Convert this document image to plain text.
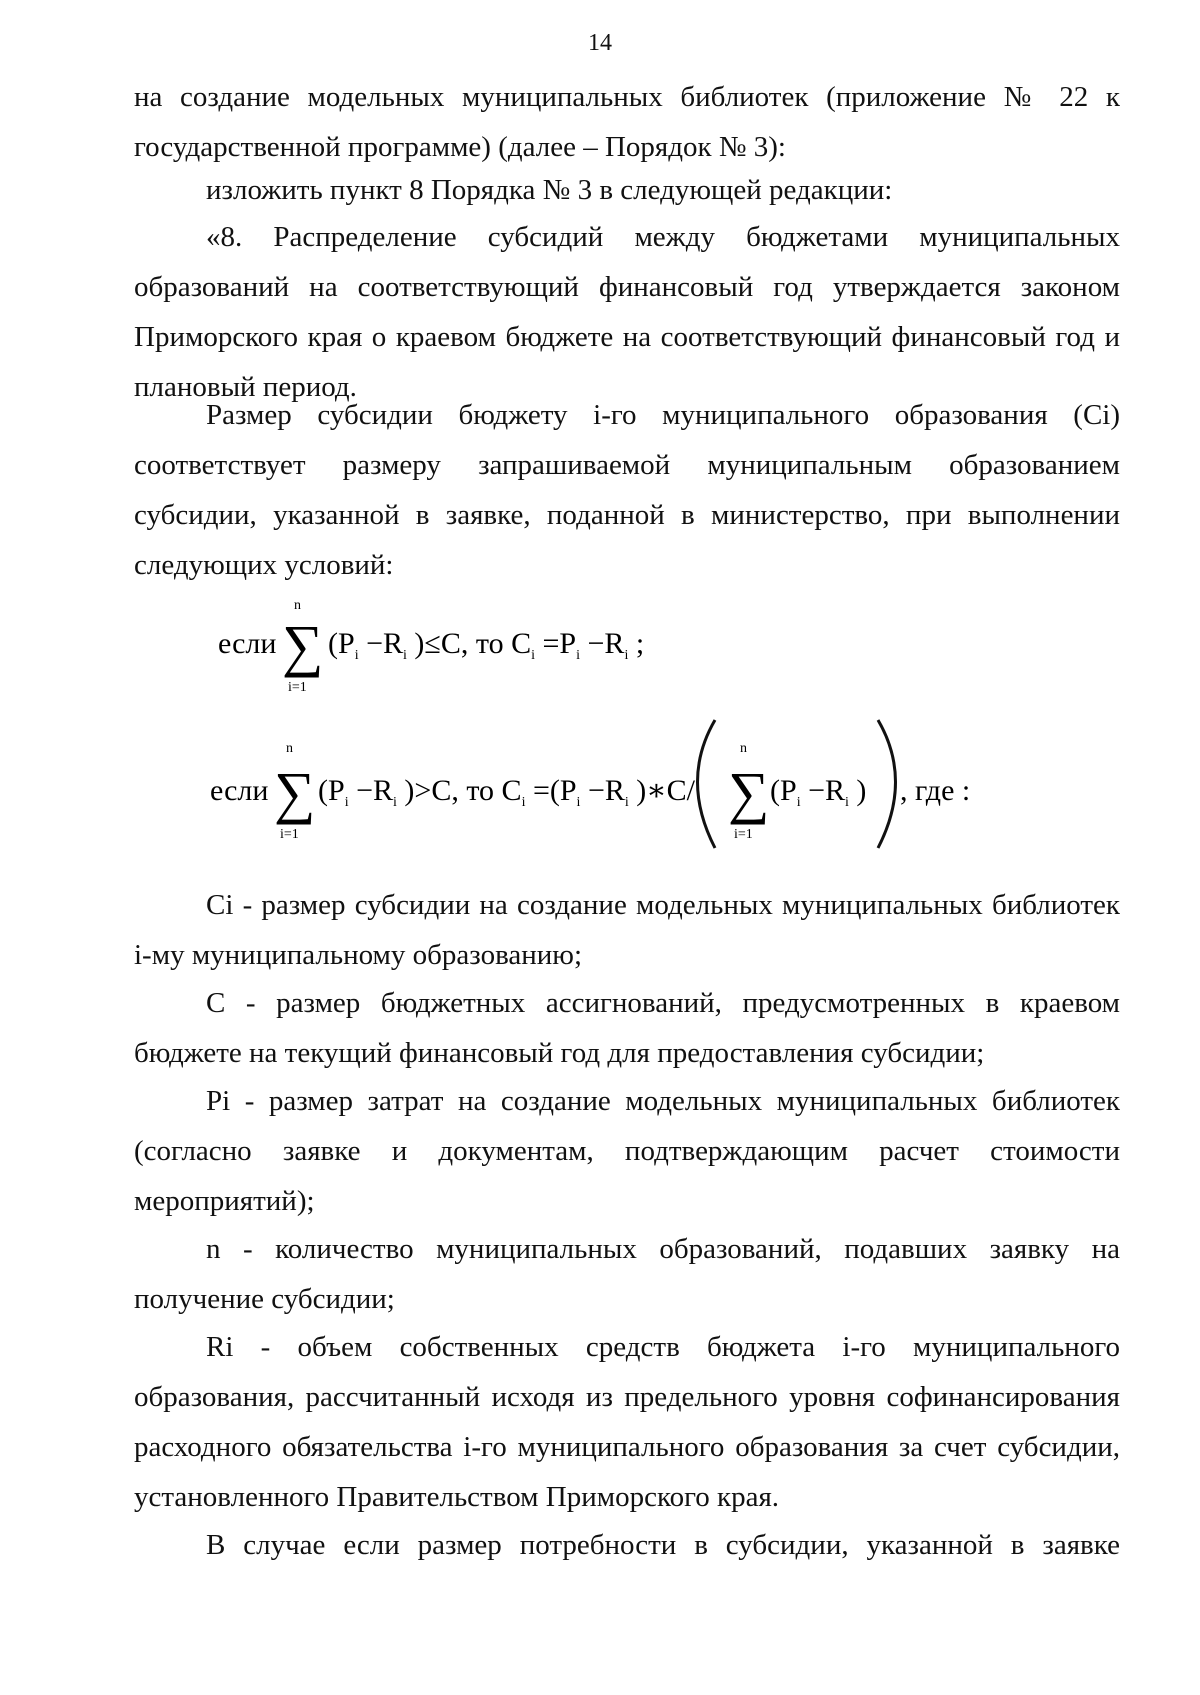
14

на создание модельных муниципальных библиотек (приложение № 22 к государственной программе) (далее – Порядок № 3):

изложить пункт 8 Порядка № 3 в следующей редакции:

«8. Распределение субсидий между бюджетами муниципальных образований на соответствующий финансовый год утверждается законом Приморского края о краевом бюджете на соответствующий финансовый год и плановый период.

Размер субсидии бюджету i-го муниципального образования (Ci) соответствует размеру запрашиваемой муниципальным образованием субсидии, указанной в заявке, поданной в министерство, при выполнении следующих условий:

если
n
∑
i=1
($P_i -R_i$ )≤C, то $C_i =P_i -R_i$ ;
если
n
∑
i=1
($P_i -R_i$ )>C, то $C_i =(P_i -R_i$ )∗C/
n
∑
i=1
($P_i -R_i$ ) , где :

Ci - размер субсидии на создание модельных муниципальных библиотек i-му муниципальному образованию;

С - размер бюджетных ассигнований, предусмотренных в краевом бюджете на текущий финансовый год для предоставления субсидии;

Pi - размер затрат на создание модельных муниципальных библиотек (согласно заявке и документам, подтверждающим расчет стоимости мероприятий);

n - количество муниципальных образований, подавших заявку на получение субсидии;

Ri - объем собственных средств бюджета i-го муниципального образования, рассчитанный исходя из предельного уровня софинансирования расходного обязательства i-го муниципального образования за счет субсидии, установленного Правительством Приморского края.

В случае если размер потребности в субсидии, указанной в заявке
